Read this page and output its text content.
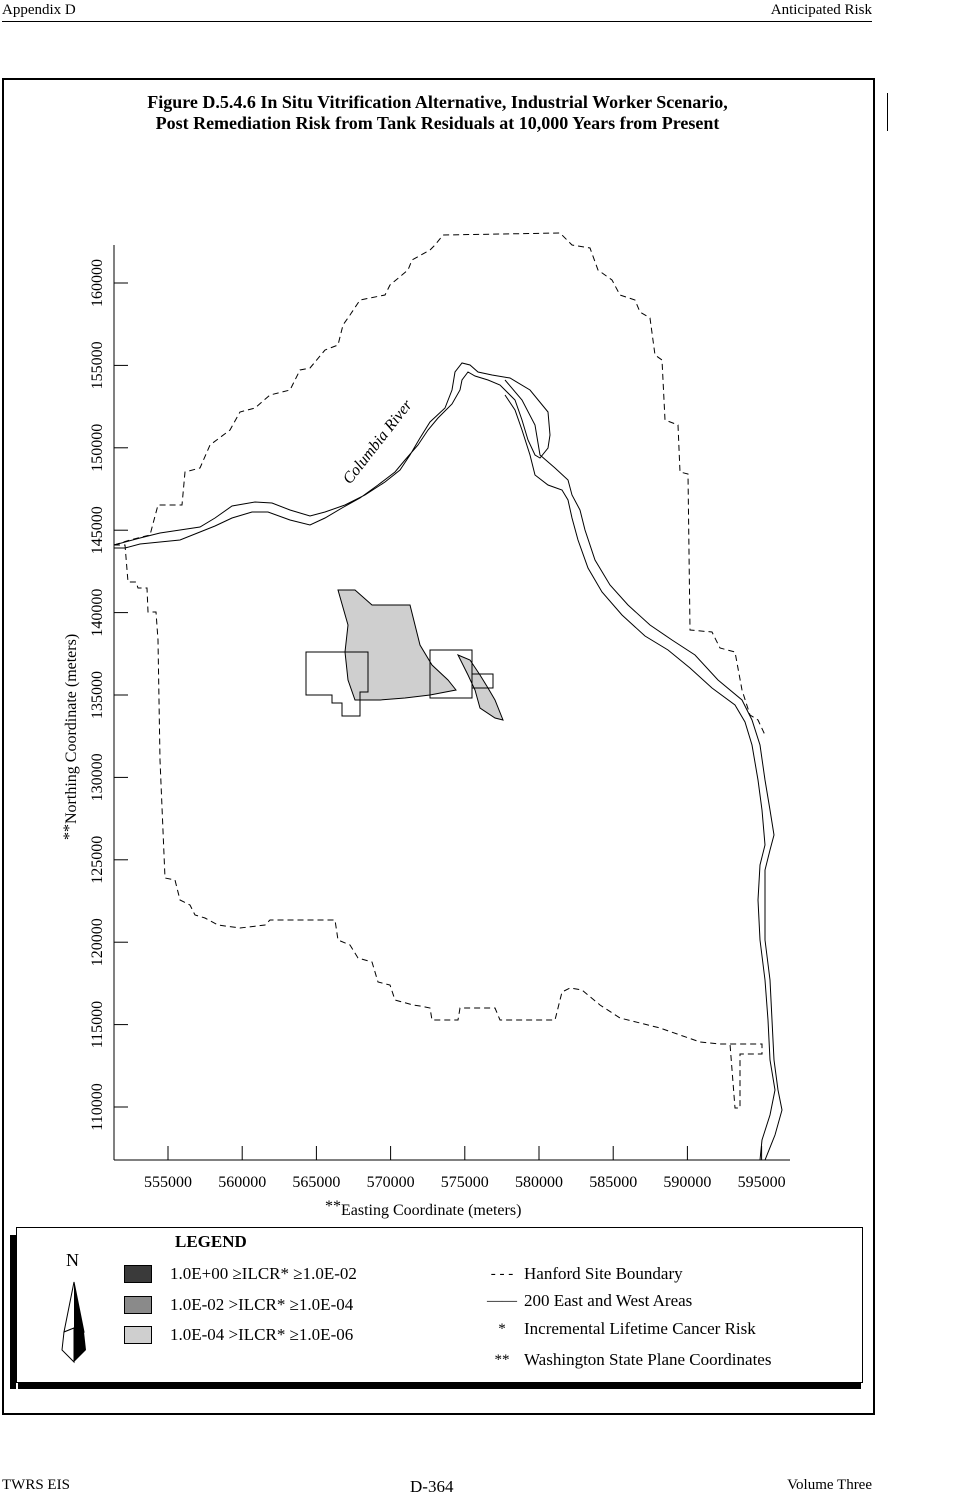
Appendix D	Anticipated Risk
Figure D.5.4.6 In Situ Vitrification Alternative, Industrial Worker Scenario,
Post Remediation Risk from Tank Residuals at 10,000 Years from Present
555000 560000 565000 570000 575000 580000 585000 590000 595000
110000
115000
120000
125000
130000
135000
140000
145000
150000
155000
160000
Columbia River
**Northing Coordinate (meters)
**Easting Coordinate (meters)
LEGEND
N
1.0E+00 ≥ILCR* ≥1.0E-02
1.0E-02 >ILCR* ≥1.0E-04
1.0E-04 >ILCR* ≥1.0E-06
- - - Hanford Site Boundary
—— 200 East and West Areas
*	Incremental Lifetime Cancer Risk
** Washington State Plane Coordinates
TWRS EIS	D-364	Volume Three
